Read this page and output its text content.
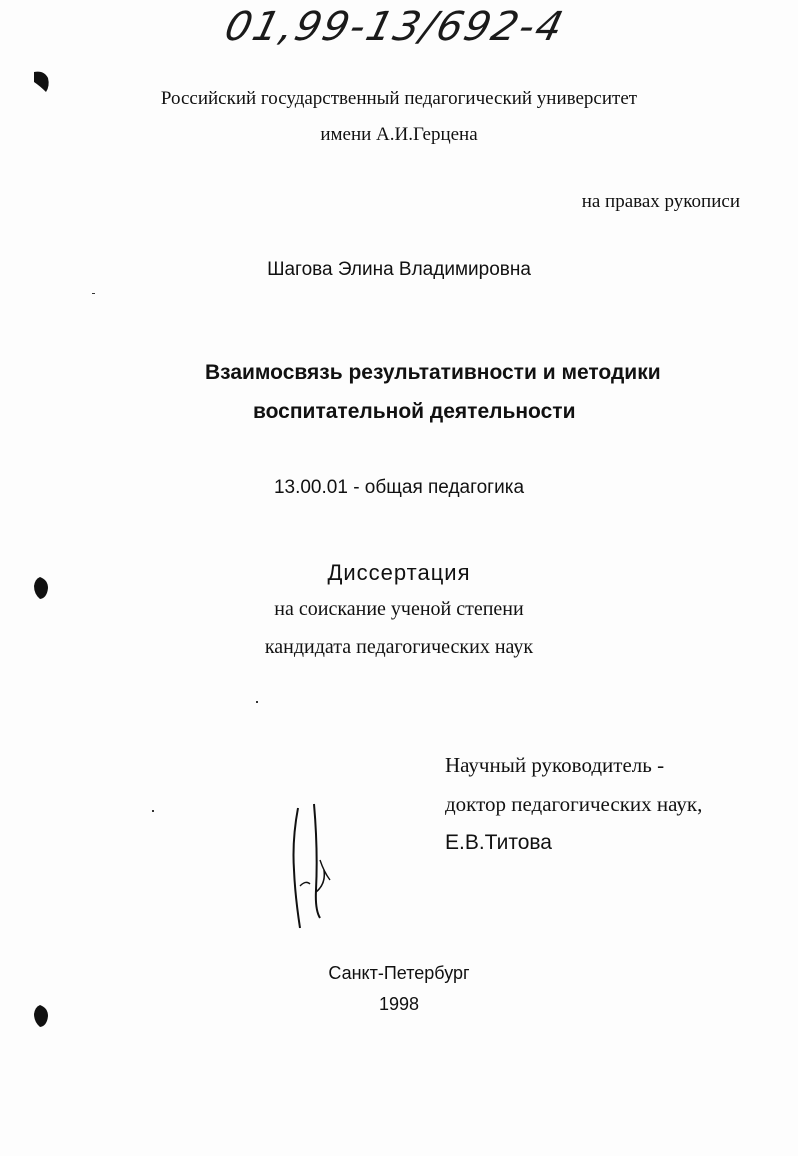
01,99-13/692-4
Российский государственный педагогический университет
имени А.И.Герцена
на правах рукописи
Шагова Элина Владимировна
Взаимосвязь результативности и методики
воспитательной деятельности
13.00.01 - общая педагогика
Диссертация
на соискание ученой степени
кандидата педагогических наук
Научный руководитель -
доктор педагогических наук,
Е.В.Титова
Санкт-Петербург
1998
